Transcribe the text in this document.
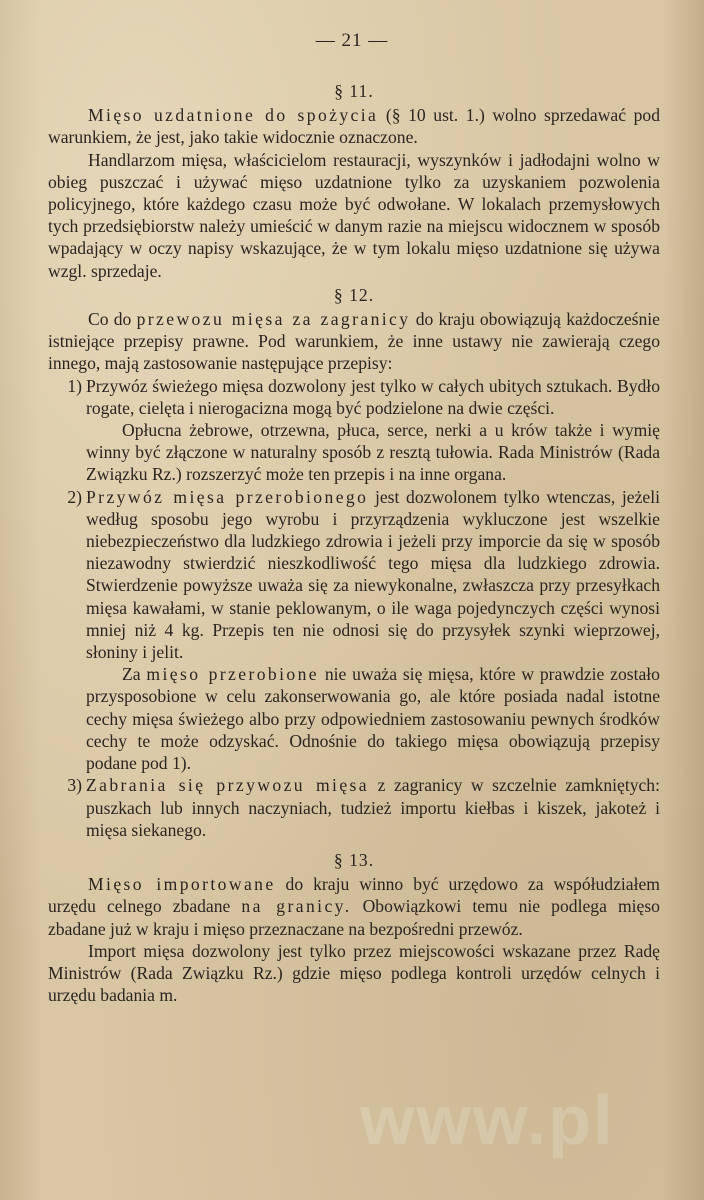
— 21 —
§ 11.

Mięso uzdatnione do spożycia (§ 10 ust. 1.) wolno sprzedawać pod warunkiem, że jest, jako takie widocznie oznaczone.

Handlarzom mięsa, właścicielom restauracji, wyszynków i jadłodajni wolno w obieg puszczać i używać mięso uzdatnione tylko za uzyskaniem pozwolenia policyjnego, które każdego czasu może być odwołane. W lokalach przemysłowych tych przedsiębiorstw należy umieścić w danym razie na miejscu widocznem w sposób wpadający w oczy napisy wskazujące, że w tym lokalu mięso uzdatnione się używa wzgl. sprzedaje.

§ 12.

Co do przewozu mięsa za zagranicy do kraju obowiązują każdocześnie istniejące przepisy prawne. Pod warunkiem, że inne ustawy nie zawierają czego innego, mają zastosowanie następujące przepisy:

1) Przywóz świeżego mięsa dozwolony jest tylko w całych ubitych sztukach. Bydło rogate, cielęta i nierogacizna mogą być podzielone na dwie części.

Opłucna żebrowe, otrzewna, płuca, serce, nerki a u krów także i wymię winny być złączone w naturalny sposób z resztą tułowia. Rada Ministrów (Rada Związku Rz.) rozszerzyć może ten przepis i na inne organa.

2) Przywóz mięsa przerobionego jest dozwolonem tylko wtenczas, jeżeli według sposobu jego wyrobu i przyrządzenia wykluczone jest wszelkie niebezpieczeństwo dla ludzkiego zdrowia i jeżeli przy imporcie da się w sposób niezawodny stwierdzić nieszkodliwość tego mięsa dla ludzkiego zdrowia. Stwierdzenie powyższe uważa się za niewykonalne, zwłaszcza przy przesyłkach mięsa kawałami, w stanie peklowanym, o ile waga pojedynczych części wynosi mniej niż 4 kg. Przepis ten nie odnosi się do przysyłek szynki wieprzowej, słoniny i jelit.

Za mięso przerobione nie uważa się mięsa, które w prawdzie zostało przysposobione w celu zakonserwowania go, ale które posiada nadal istotne cechy mięsa świeżego albo przy odpowiedniem zastosowaniu pewnych środków cechy te może odzyskać. Odnośnie do takiego mięsa obowiązują przepisy podane pod 1).

3) Zabrania się przywozu mięsa z zagranicy w szczelnie zamkniętych: puszkach lub innych naczyniach, tudzież importu kiełbas i kiszek, jakoteż i mięsa siekanego.

§ 13.

Mięso importowane do kraju winno być urzędowo za współudziałem urzędu celnego zbadane na granicy. Obowiązkowi temu nie podlega mięso zbadane już w kraju i mięso przeznaczane na bezpośredni przewóz.

Import mięsa dozwolony jest tylko przez miejscowości wskazane przez Radę Ministrów (Rada Związku Rz.) gdzie mięso podlega kontroli urzędów celnych i urzędu badania m.

www.pl
